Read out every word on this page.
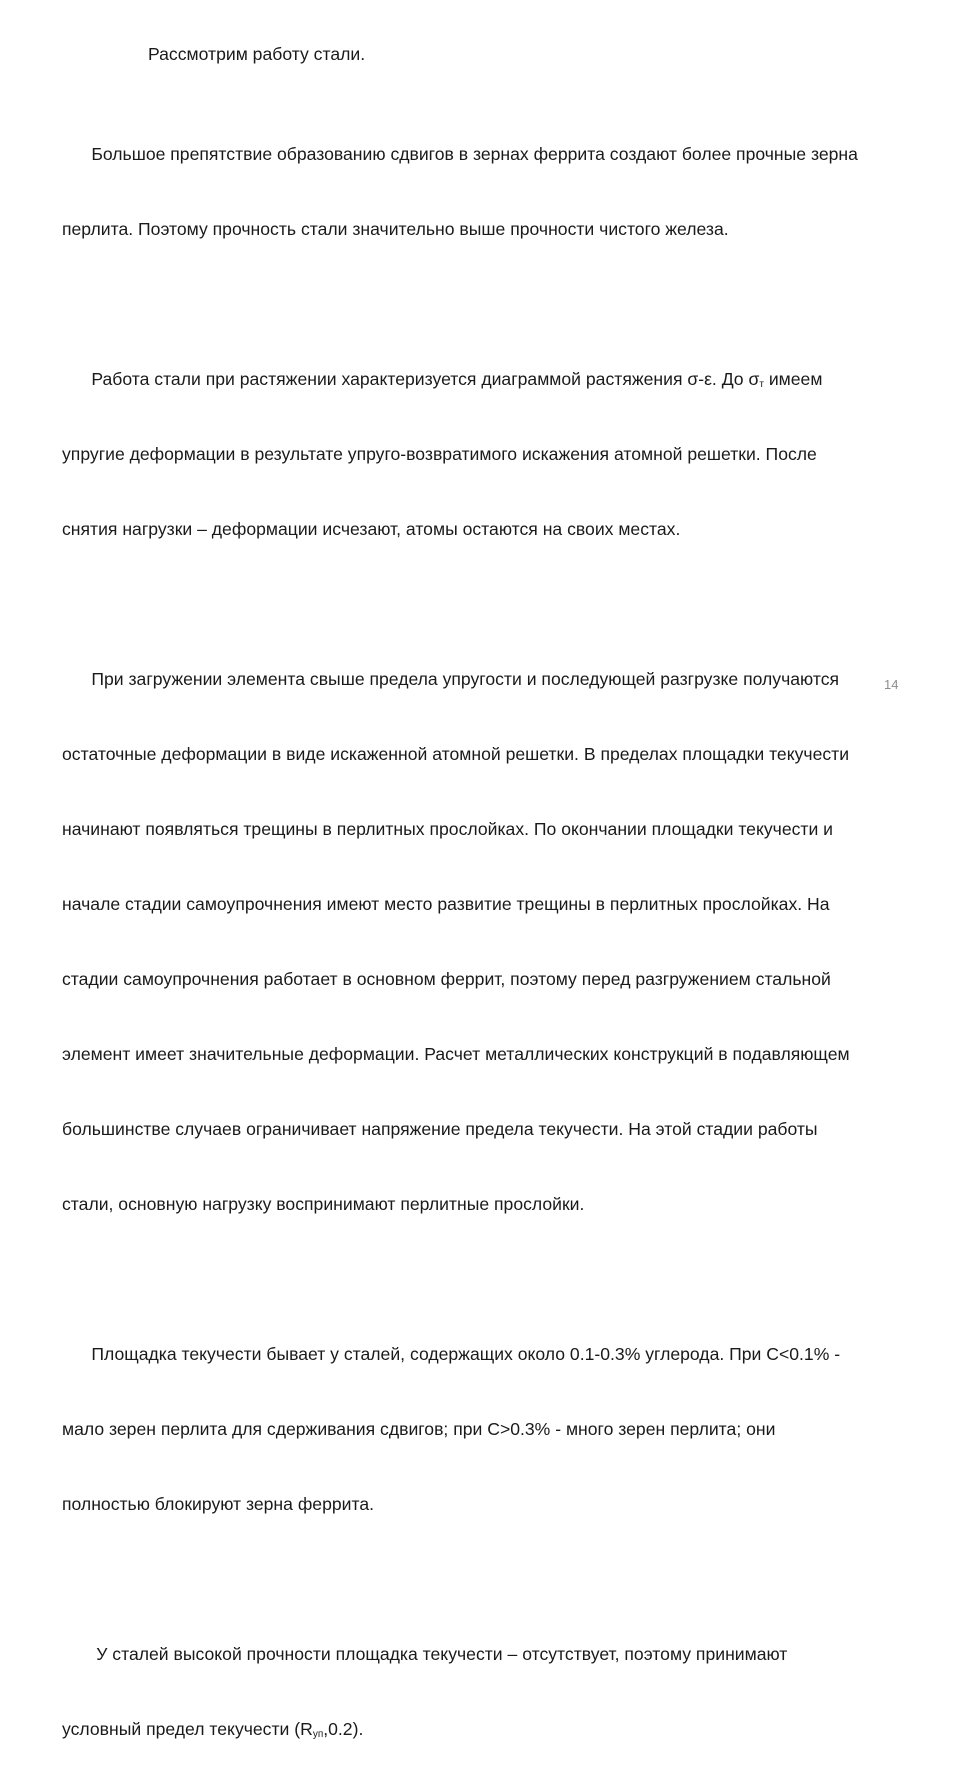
Рассмотрим работу стали.

Большое препятствие образованию сдвигов в зернах феррита создают более прочные зерна

перлита. Поэтому прочность стали значительно выше прочности чистого железа.

Работа стали при растяжении характеризуется диаграммой растяжения σ-ε. До $\sigma_т$ имеем

упругие деформации в результате упруго-возвратимого искажения атомной решетки. После

снятия нагрузки – деформации исчезают, атомы остаются на своих местах.

При загружении элемента свыше предела упругости и последующей разгрузке получаются

остаточные деформации в виде искаженной атомной решетки. В пределах площадки текучести

начинают появляться трещины в перлитных прослойках. По окончании площадки текучести и

начале стадии самоупрочнения имеют место развитие трещины в перлитных прослойках. На

стадии самоупрочнения работает в основном феррит, поэтому перед разгружением стальной

элемент имеет значительные деформации. Расчет металлических конструкций в подавляющем

большинстве случаев ограничивает напряжение предела текучести. На этой стадии работы

стали, основную нагрузку воспринимают перлитные прослойки.

Площадка текучести бывает у сталей, содержащих около 0.1-0.3% углерода. При С<0.1% -

мало зерен перлита для сдерживания сдвигов; при С>0.3% - много зерен перлита; они

полностью блокируют зерна феррита.

У сталей высокой прочности площадка текучести – отсутствует, поэтому принимают

условный предел текучести $(R_{уп},0.2)$.

14
